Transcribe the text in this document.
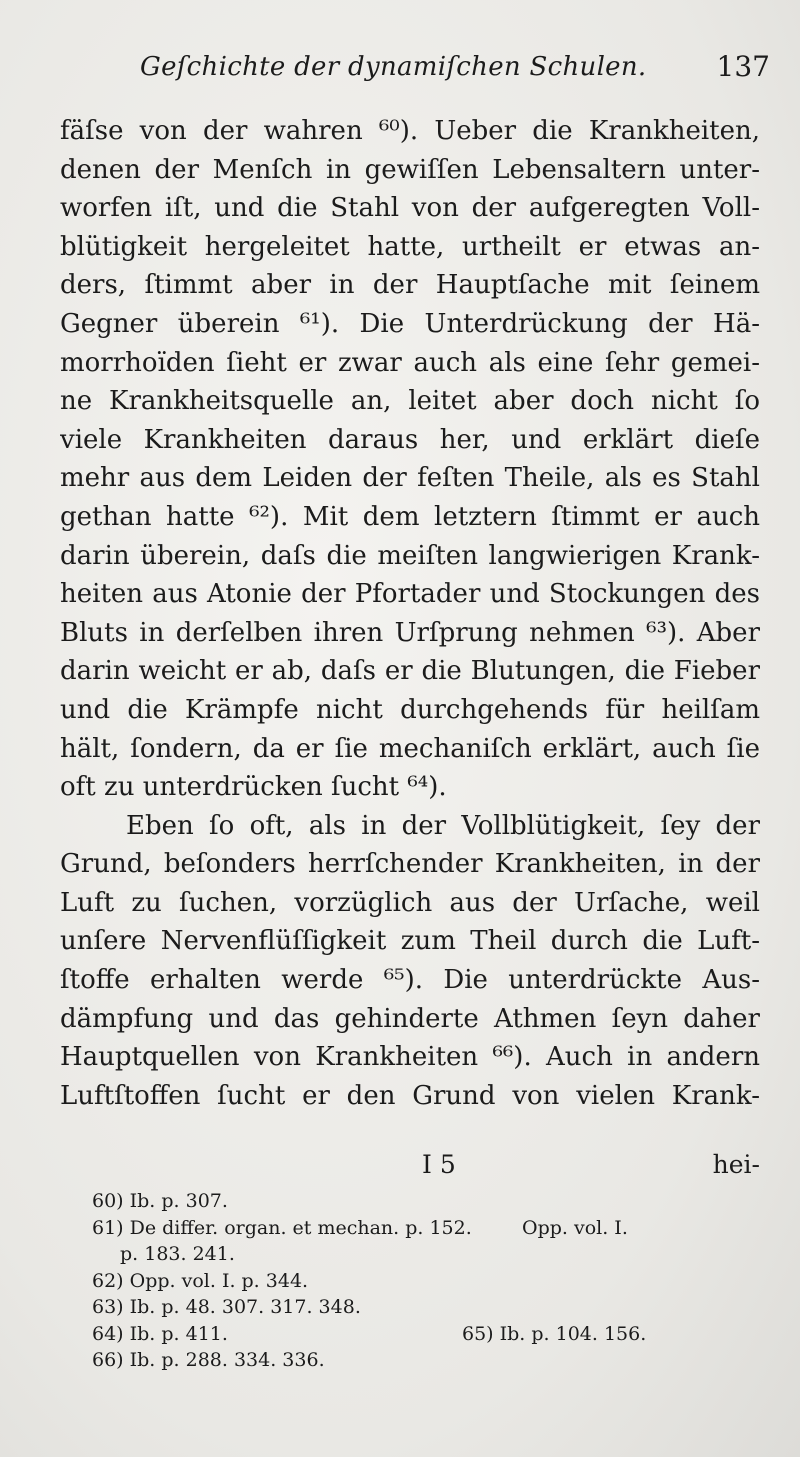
Geſchichte der dynamiſchen Schulen.	137
fäſse von der wahren ⁶⁰). Ueber die Krankheiten,
denen der Menſch in gewiſſen Lebensaltern unter-
worfen iſt, und die Stahl von der aufgeregten Voll-
blütigkeit hergeleitet hatte, urtheilt er etwas an-
ders, ſtimmt aber in der Hauptſache mit ſeinem
Gegner überein ⁶¹). Die Unterdrückung der Hä-
morrhoïden ſieht er zwar auch als eine ſehr gemei-
ne Krankheitsquelle an, leitet aber doch nicht ſo
viele Krankheiten daraus her, und erklärt dieſe
mehr aus dem Leiden der feſten Theile, als es Stahl
gethan hatte ⁶²). Mit dem letztern ſtimmt er auch
darin überein, daſs die meiſten langwierigen Krank-
heiten aus Atonie der Pfortader und Stockungen des
Bluts in derſelben ihren Urſprung nehmen ⁶³). Aber
darin weicht er ab, daſs er die Blutungen, die Fieber
und die Krämpfe nicht durchgehends für heilſam
hält, ſondern, da er ſie mechaniſch erklärt, auch ſie
oft zu unterdrücken ſucht ⁶⁴).
Eben ſo oft, als in der Vollblütigkeit, ſey der
Grund, beſonders herrſchender Krankheiten, in der
Luft zu ſuchen, vorzüglich aus der Urſache, weil
unſere Nervenflüſſigkeit zum Theil durch die Luft-
ſtoffe erhalten werde ⁶⁵). Die unterdrückte Aus-
dämpfung und das gehinderte Athmen ſeyn daher
Hauptquellen von Krankheiten ⁶⁶). Auch in andern
Luftſtoffen ſucht er den Grund von vielen Krank-
I 5	hei-
60) Ib. p. 307.
61) De differ. organ. et mechan. p. 152.	Opp. vol. I.
p. 183. 241.
62) Opp. vol. I. p. 344.
63) Ib. p. 48. 307. 317. 348.
64) Ib. p. 411.	65) Ib. p. 104. 156.
66) Ib. p. 288. 334. 336.
